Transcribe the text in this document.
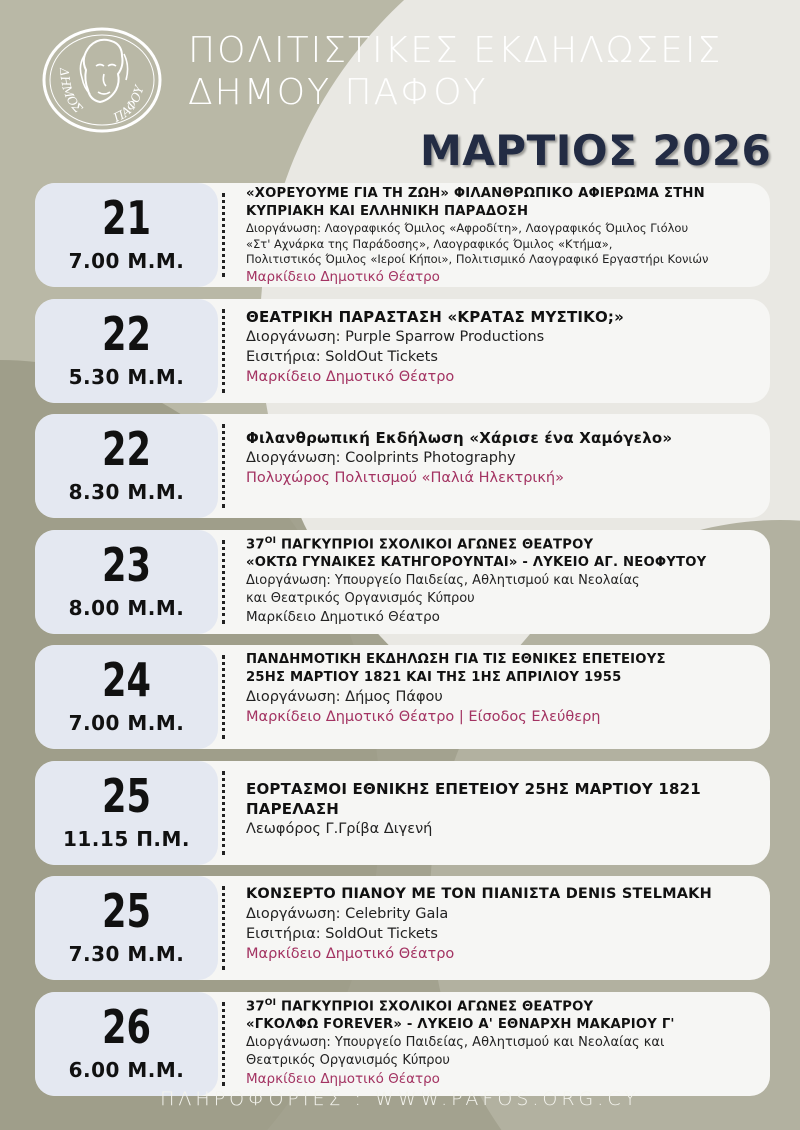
ΔΗΜΟΣ ΠΑΦΟΥ
ΠΟΛΙΤΙΣΤΙΚΕΣ ΕΚΔΗΛΩΣΕΙΣ
ΔΗΜΟΥ ΠΑΦΟΥ
ΜΑΡΤΙΟΣ 2026
21
7.00 Μ.Μ.
«ΧΟΡΕΥΟΥΜΕ ΓΙΑ ΤΗ ΖΩΗ» ΦΙΛΑΝΘΡΩΠΙΚΟ ΑΦΙΕΡΩΜΑ ΣΤΗΝ
ΚΥΠΡΙΑΚΗ ΚΑΙ ΕΛΛΗΝΙΚΗ ΠΑΡΑΔΟΣΗ
Διοργάνωση: Λαογραφικός Όμιλος «Αφροδίτη», Λαογραφικός Όμιλος Γιόλου
«Στ' Αχνάρκα της Παράδοσης», Λαογραφικός Όμιλος «Κτήμα»,
Πολιτιστικός Όμιλος «Ιεροί Κήποι», Πολιτισμικό Λαογραφικό Εργαστήρι Κονιών
Μαρκίδειο Δημοτικό Θέατρο
22
5.30 Μ.Μ.
ΘΕΑΤΡΙΚΗ ΠΑΡΑΣΤΑΣΗ «ΚΡΑΤΑΣ ΜΥΣΤΙΚΟ;»
Διοργάνωση: Purple Sparrow Productions
Εισιτήρια: SoldOut Tickets
Μαρκίδειο Δημοτικό Θέατρο
22
8.30 Μ.Μ.
Φιλανθρωπική Εκδήλωση «Χάρισε ένα Χαμόγελο»
Διοργάνωση: Coolprints Photography
Πολυχώρος Πολιτισμού «Παλιά Ηλεκτρική»
23
8.00 Μ.Μ.
$37^{OI}$ ΠΑΓΚΥΠΡΙΟΙ ΣΧΟΛΙΚΟΙ ΑΓΩΝΕΣ ΘΕΑΤΡΟΥ
«ΟΚΤΩ ΓΥΝΑΙΚΕΣ ΚΑΤΗΓΟΡΟΥΝΤΑΙ» - ΛΥΚΕΙΟ ΑΓ. ΝΕΟΦΥΤΟΥ
Διοργάνωση: Υπουργείο Παιδείας, Αθλητισμού και Νεολαίας
και Θεατρικός Οργανισμός Κύπρου
Μαρκίδειο Δημοτικό Θέατρο
24
7.00 Μ.Μ.
ΠΑΝΔΗΜΟΤΙΚΗ ΕΚΔΗΛΩΣΗ ΓΙΑ ΤΙΣ ΕΘΝΙΚΕΣ ΕΠΕΤΕΙΟΥΣ
25ΗΣ ΜΑΡΤΙΟΥ 1821 ΚΑΙ ΤΗΣ 1ΗΣ ΑΠΡΙΛΙΟΥ 1955
Διοργάνωση: Δήμος Πάφου
Μαρκίδειο Δημοτικό Θέατρο | Είσοδος Ελεύθερη
25
11.15 Π.Μ.
ΕΟΡΤΑΣΜΟΙ ΕΘΝΙΚΗΣ ΕΠΕΤΕΙΟΥ 25ΗΣ ΜΑΡΤΙΟΥ 1821
ΠΑΡΕΛΑΣΗ
Λεωφόρος Γ.Γρίβα Διγενή
25
7.30 Μ.Μ.
ΚΟΝΣΕΡΤΟ ΠΙΑΝΟΥ ΜΕ ΤΟΝ ΠΙΑΝΙΣΤΑ DENIS STELMAKH
Διοργάνωση: Celebrity Gala
Εισιτήρια: SoldOut Tickets
Μαρκίδειο Δημοτικό Θέατρο
26
6.00 Μ.Μ.
$37^{OI}$ ΠΑΓΚΥΠΡΙΟΙ ΣΧΟΛΙΚΟΙ ΑΓΩΝΕΣ ΘΕΑΤΡΟΥ
«ΓΚΟΛΦΩ FOREVER» - ΛΥΚΕΙΟ Α' ΕΘΝΑΡΧΗ ΜΑΚΑΡΙΟΥ Γ'
Διοργάνωση: Υπουργείο Παιδείας, Αθλητισμού και Νεολαίας και
Θεατρικός Οργανισμός Κύπρου
Μαρκίδειο Δημοτικό Θέατρο
ΠΛΗΡΟΦΟΡΙΕΣ : WWW.PAFOS.ORG.CY
